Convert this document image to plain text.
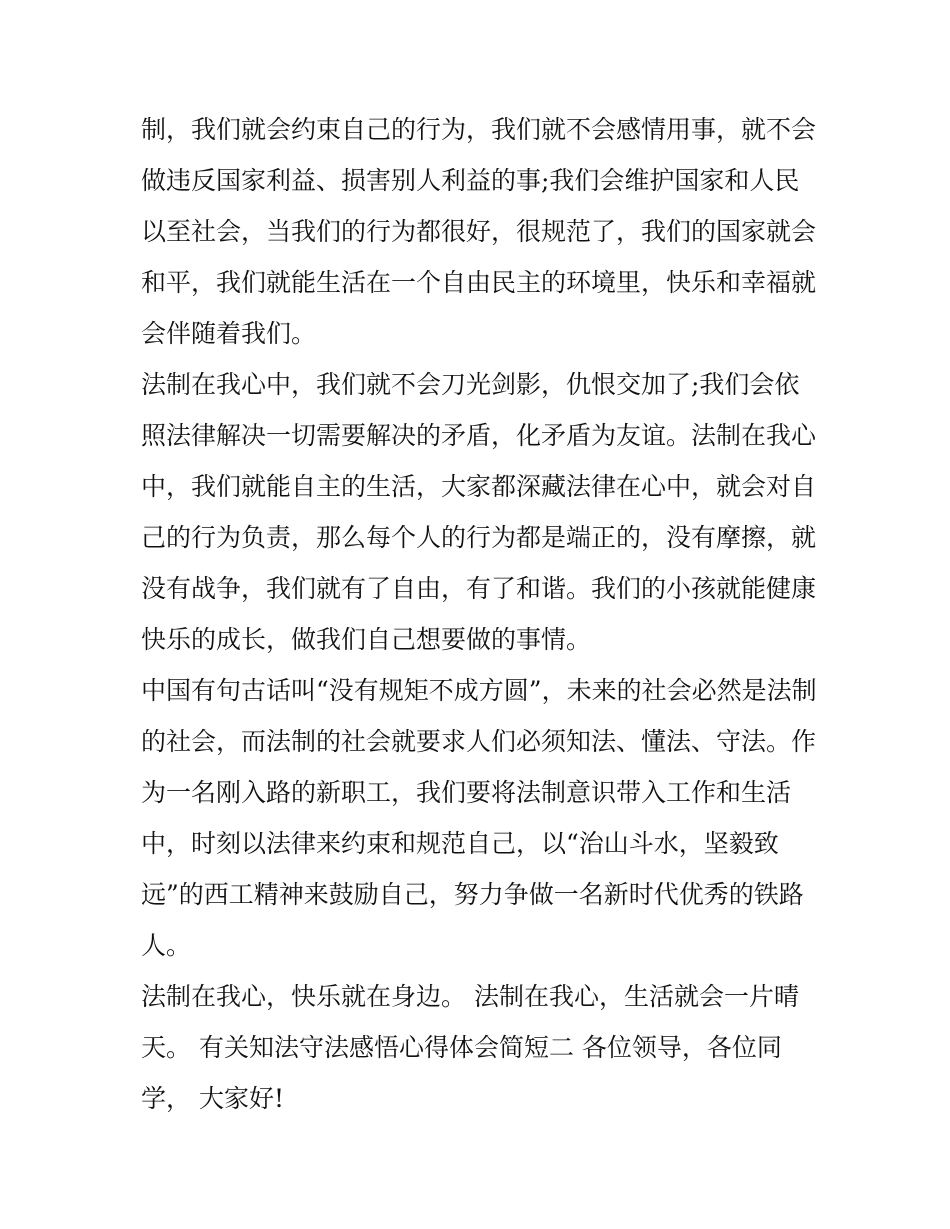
制，我们就会约束自己的行为，我们就不会感情用事，就不会
做违反国家利益、损害别人利益的事;我们会维护国家和人民
以至社会，当我们的行为都很好，很规范了，我们的国家就会
和平，我们就能生活在一个自由民主的环境里，快乐和幸福就
会伴随着我们。
法制在我心中，我们就不会刀光剑影，仇恨交加了;我们会依
照法律解决一切需要解决的矛盾，化矛盾为友谊。法制在我心
中，我们就能自主的生活，大家都深藏法律在心中，就会对自
己的行为负责，那么每个人的行为都是端正的，没有摩擦，就
没有战争，我们就有了自由，有了和谐。我们的小孩就能健康
快乐的成长，做我们自己想要做的事情。
中国有句古话叫“没有规矩不成方圆”，未来的社会必然是法制
的社会，而法制的社会就要求人们必须知法、懂法、守法。作
为一名刚入路的新职工，我们要将法制意识带入工作和生活
中，时刻以法律来约束和规范自己，以“治山斗水，坚毅致
远”的西工精神来鼓励自己，努力争做一名新时代优秀的铁路
人。
法制在我心，快乐就在身边。 法制在我心，生活就会一片晴
天。 有关知法守法感悟心得体会简短二 各位领导，各位同
学， 大家好!
